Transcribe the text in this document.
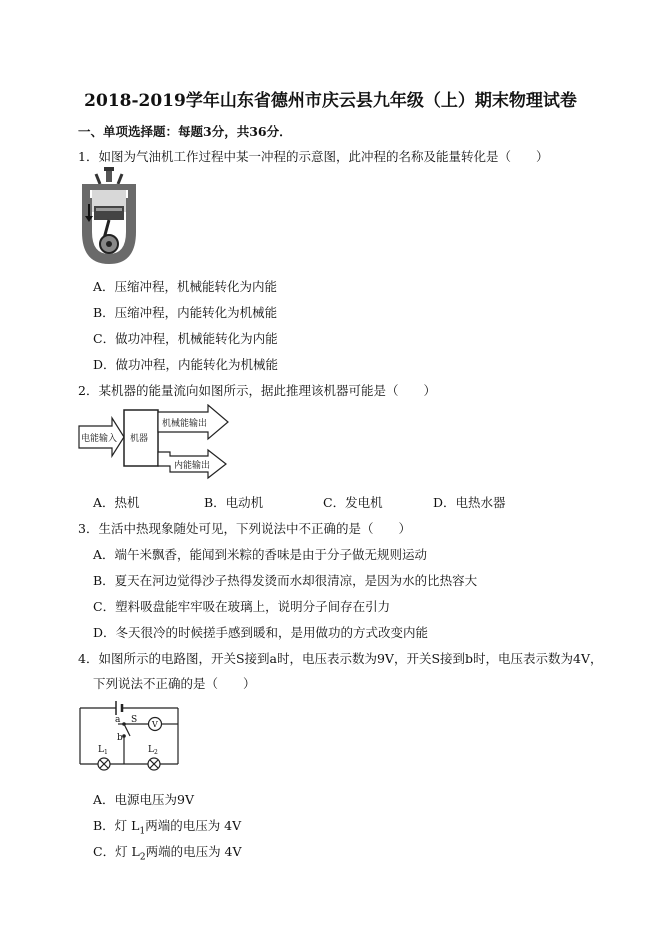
2018-2019学年山东省德州市庆云县九年级（上）期末物理试卷
一、单项选择题：每题3分，共36分．
1．如图为气油机工作过程中某一冲程的示意图，此冲程的名称及能量转化是（　　）
A．压缩冲程，机械能转化为内能
B．压缩冲程，内能转化为机械能
C．做功冲程，机械能转化为内能
D．做功冲程，内能转化为机械能
2．某机器的能量流向如图所示，据此推理该机器可能是（　　）
电能输入 机器
机械能输出
内能输出
A．热机	B．电动机	C．发电机	D．电热水器
3．生活中热现象随处可见，下列说法中不正确的是（　　）
A．端午米飘香，能闻到米粽的香味是由于分子做无规则运动
B．夏天在河边觉得沙子热得发烫而水却很清凉，是因为水的比热容大
C．塑料吸盘能牢牢吸在玻璃上，说明分子间存在引力
D．冬天很冷的时候搓手感到暖和，是用做功的方式改变内能
4．如图所示的电路图，开关S接到a时，电压表示数为9V，开关S接到b时，电压表示数为4V，
下列说法不正确的是（　　）
a S
b
V
$L_1$	$L_2$
A．电源电压为9V
B．灯 $L_1$两端的电压为 4V
C．灯 $L_2$两端的电压为 4V
